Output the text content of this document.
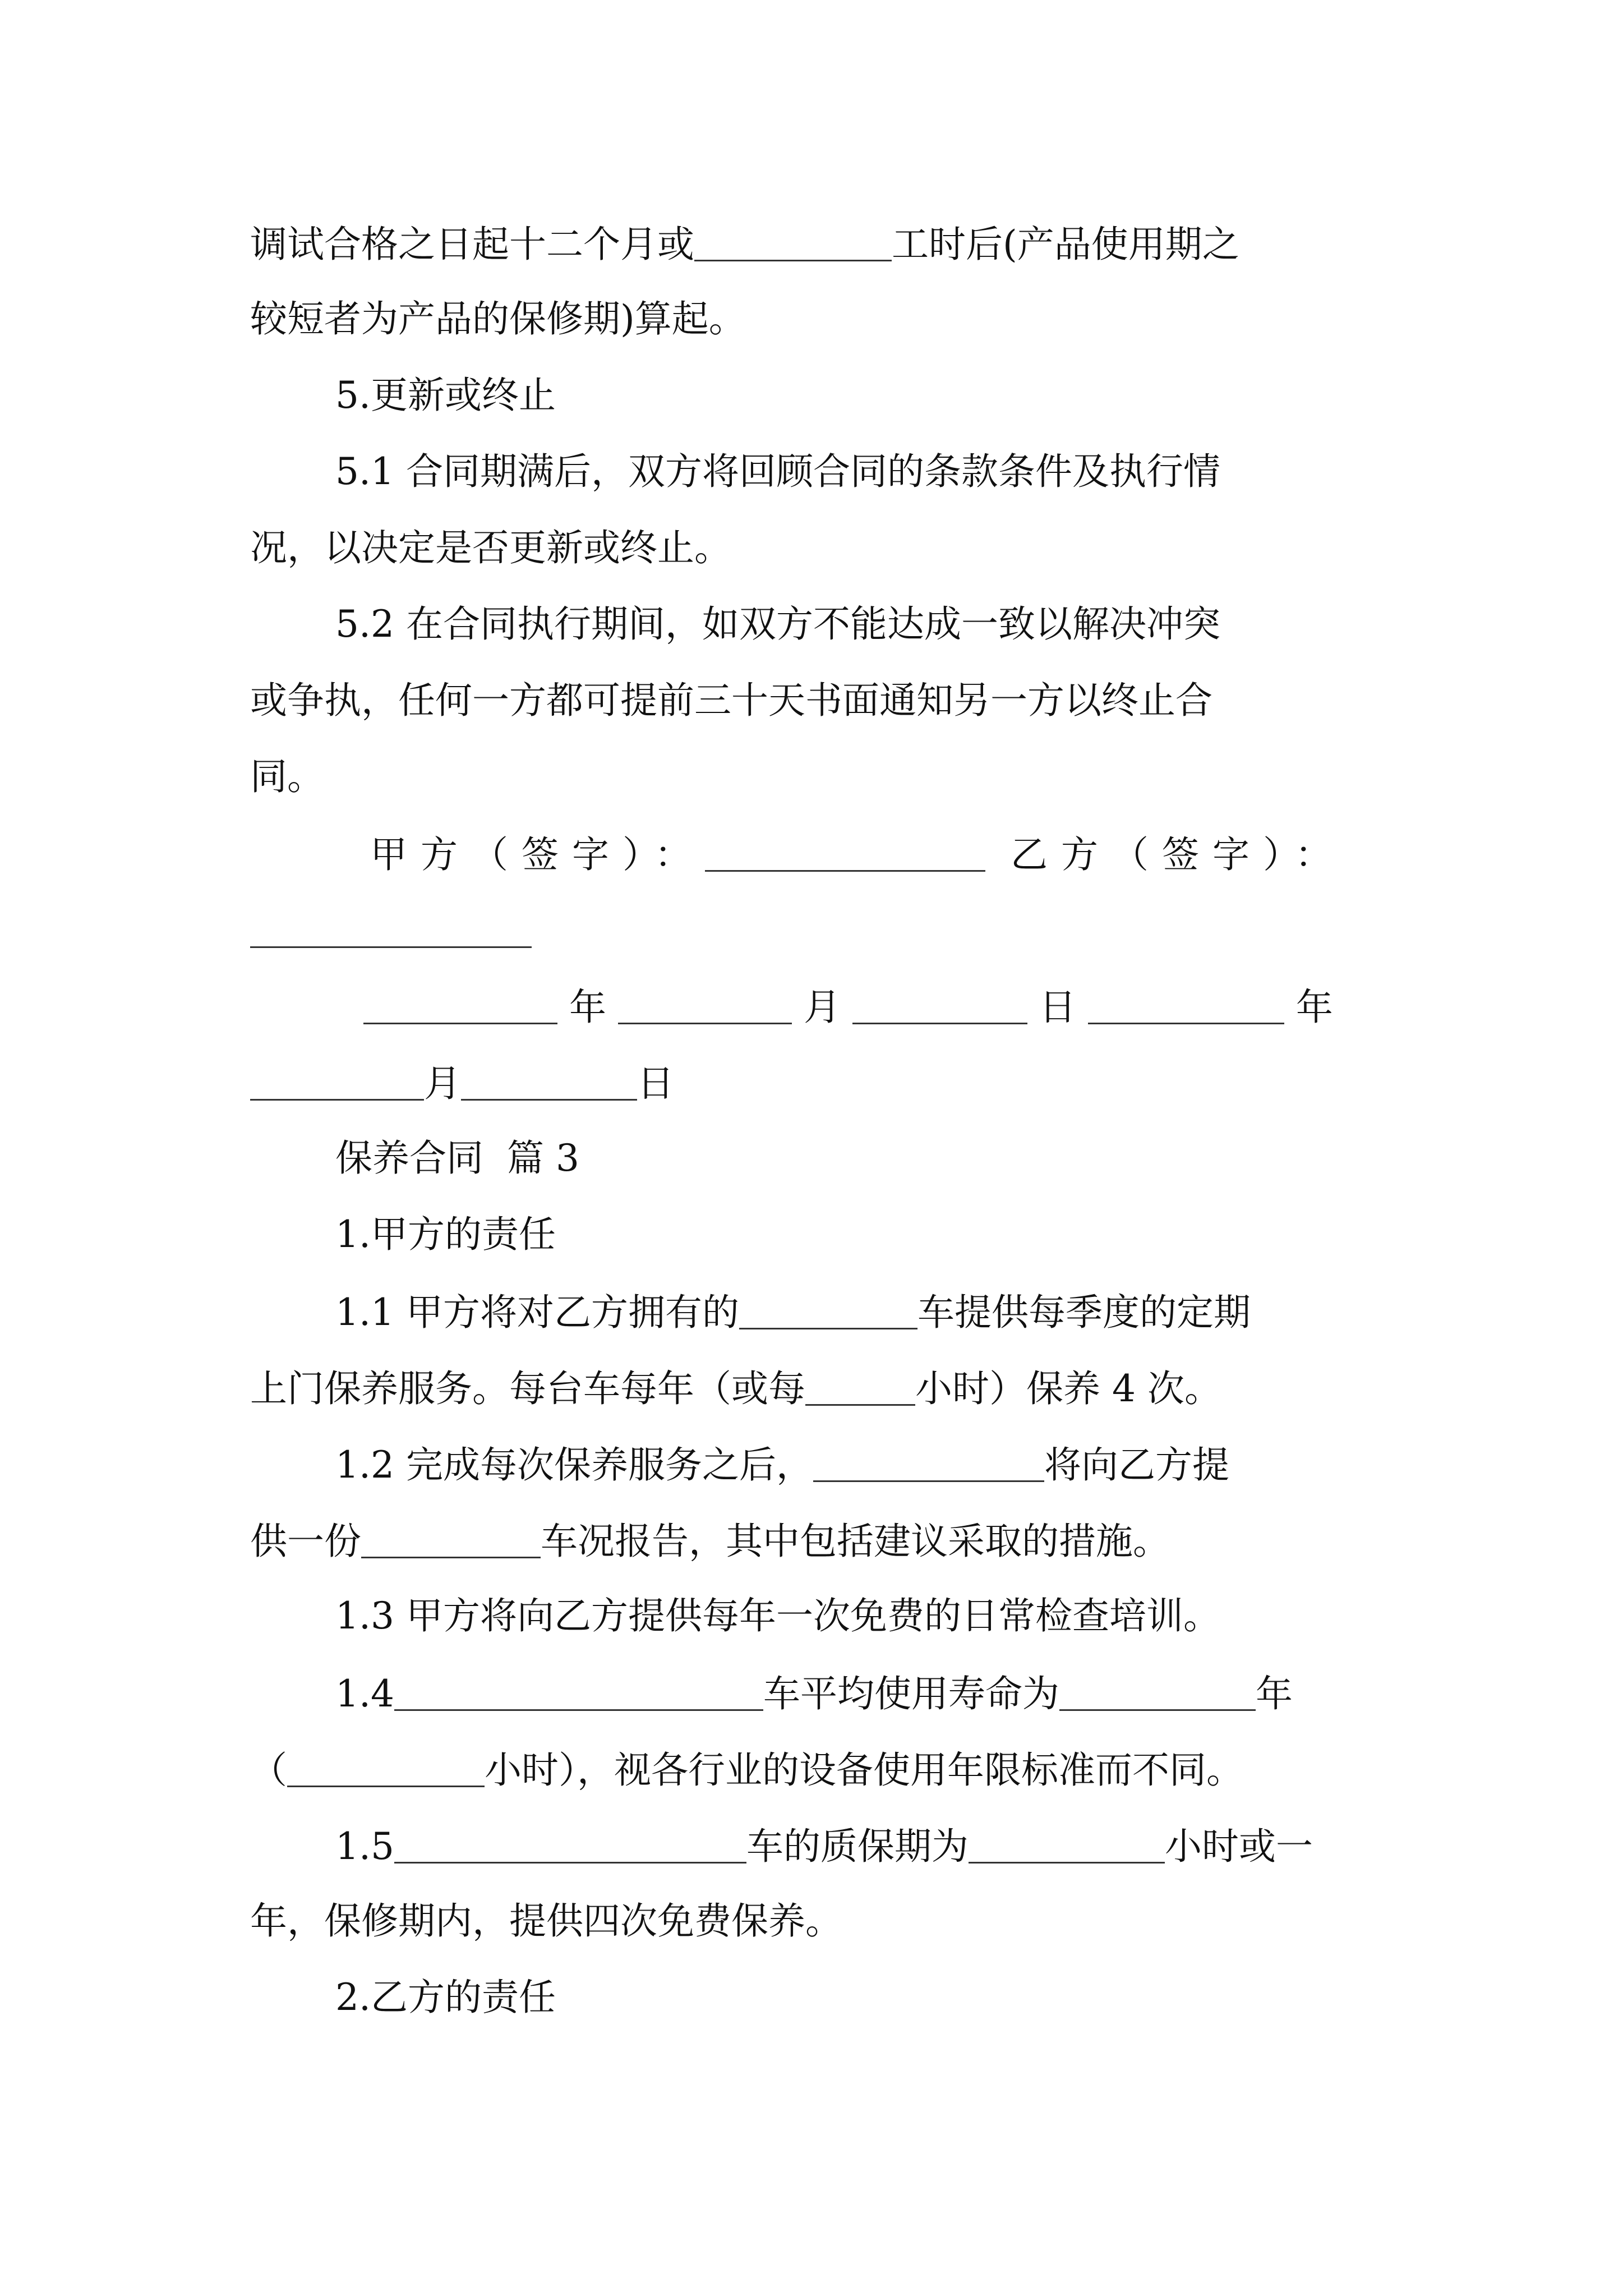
调试合格之日起十二个月或	工时后(产品使用期之
较短者为产品的保修期)算起。
5.更新或终止
5.1 合同期满后，双方将回顾合同的条款条件及执行情
况，以决定是否更新或终止。
5.2 在合同执行期间，如双方不能达成一致以解决冲突
或争执，任何一方都可提前三十天书面通知另一方以终止合
同。
甲方（签字）：	乙方（签字）：
年	月	日	年
月	日
保养合同  篇 3
1.甲方的责任
1.1 甲方将对乙方拥有的	车提供每季度的定期
上门保养服务。每台车每年（或每	小时）保养 4 次。
1.2 完成每次保养服务之后，	将向乙方提
供一份	车况报告，其中包括建议采取的措施。
1.3 甲方将向乙方提供每年一次免费的日常检查培训。
1.4	车平均使用寿命为	年
（	小时），视各行业的设备使用年限标准而不同。
1.5	车的质保期为	小时或一
年，保修期内，提供四次免费保养。
2.乙方的责任
